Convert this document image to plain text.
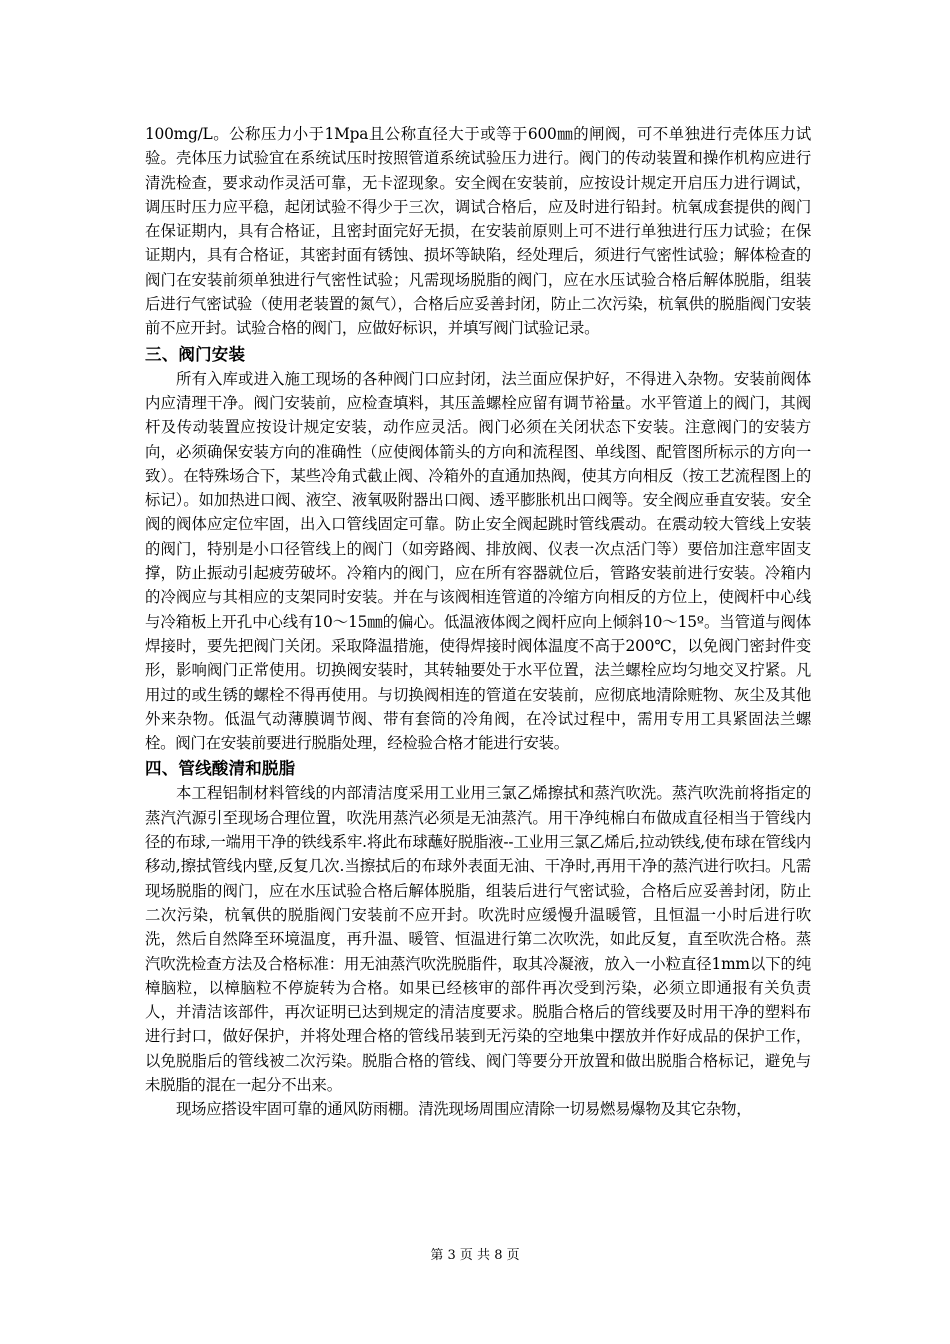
100mg/L。公称压力小于1Mpa且公称直径大于或等于600㎜的闸阀，可不单独进行壳体压力试验。壳体压力试验宜在系统试压时按照管道系统试验压力进行。阀门的传动装置和操作机构应进行清洗检查，要求动作灵活可靠，无卡涩现象。安全阀在安装前，应按设计规定开启压力进行调试，调压时压力应平稳，起闭试验不得少于三次，调试合格后，应及时进行铅封。杭氧成套提供的阀门在保证期内，具有合格证，且密封面完好无损，在安装前原则上可不进行单独进行压力试验；在保证期内，具有合格证，其密封面有锈蚀、损坏等缺陷，经处理后，须进行气密性试验；解体检查的阀门在安装前须单独进行气密性试验；凡需现场脱脂的阀门，应在水压试验合格后解体脱脂，组装后进行气密试验（使用老装置的氮气），合格后应妥善封闭，防止二次污染，杭氧供的脱脂阀门安装前不应开封。试验合格的阀门，应做好标识，并填写阀门试验记录。

三、阀门安装

所有入库或进入施工现场的各种阀门口应封闭，法兰面应保护好，不得进入杂物。安装前阀体内应清理干净。阀门安装前，应检查填料，其压盖螺栓应留有调节裕量。水平管道上的阀门，其阀杆及传动装置应按设计规定安装，动作应灵活。阀门必须在关闭状态下安装。注意阀门的安装方向，必须确保安装方向的准确性（应使阀体箭头的方向和流程图、单线图、配管图所标示的方向一致）。在特殊场合下，某些冷角式截止阀、冷箱外的直通加热阀，使其方向相反（按工艺流程图上的标记）。如加热进口阀、液空、液氧吸附器出口阀、透平膨胀机出口阀等。安全阀应垂直安装。安全阀的阀体应定位牢固，出入口管线固定可靠。防止安全阀起跳时管线震动。在震动较大管线上安装的阀门，特别是小口径管线上的阀门（如旁路阀、排放阀、仪表一次点活门等）要倍加注意牢固支撑，防止振动引起疲劳破坏。冷箱内的阀门，应在所有容器就位后，管路安装前进行安装。冷箱内的冷阀应与其相应的支架同时安装。并在与该阀相连管道的冷缩方向相反的方位上，使阀杆中心线与冷箱板上开孔中心线有10～15㎜的偏心。低温液体阀之阀杆应向上倾斜10～15º。当管道与阀体焊接时，要先把阀门关闭。采取降温措施，使得焊接时阀体温度不高于200℃，以免阀门密封件变形，影响阀门正常使用。切换阀安装时，其转轴要处于水平位置，法兰螺栓应均匀地交叉拧紧。凡用过的或生锈的螺栓不得再使用。与切换阀相连的管道在安装前，应彻底地清除赃物、灰尘及其他外来杂物。低温气动薄膜调节阀、带有套筒的冷角阀，在冷试过程中，需用专用工具紧固法兰螺栓。阀门在安装前要进行脱脂处理，经检验合格才能进行安装。

四、管线酸清和脱脂

本工程铝制材料管线的内部清洁度采用工业用三氯乙烯擦拭和蒸汽吹洗。蒸汽吹洗前将指定的蒸汽汽源引至现场合理位置，吹洗用蒸汽必须是无油蒸汽。用干净纯棉白布做成直径相当于管线内径的布球,一端用干净的铁线系牢.将此布球蘸好脱脂液--工业用三氯乙烯后,拉动铁线,使布球在管线内移动,擦拭管线内壁,反复几次.当擦拭后的布球外表面无油、干净时,再用干净的蒸汽进行吹扫。凡需现场脱脂的阀门，应在水压试验合格后解体脱脂，组装后进行气密试验，合格后应妥善封闭，防止二次污染，杭氧供的脱脂阀门安装前不应开封。吹洗时应缓慢升温暖管，且恒温一小时后进行吹洗，然后自然降至环境温度，再升温、暖管、恒温进行第二次吹洗，如此反复，直至吹洗合格。蒸汽吹洗检查方法及合格标准：用无油蒸汽吹洗脱脂件，取其冷凝液，放入一小粒直径1mm以下的纯樟脑粒，以樟脑粒不停旋转为合格。如果已经核审的部件再次受到污染，必须立即通报有关负责人，并清洁该部件，再次证明已达到规定的清洁度要求。脱脂合格后的管线要及时用干净的塑料布进行封口，做好保护，并将处理合格的管线吊装到无污染的空地集中摆放并作好成品的保护工作，以免脱脂后的管线被二次污染。脱脂合格的管线、阀门等要分开放置和做出脱脂合格标记，避免与未脱脂的混在一起分不出来。

现场应搭设牢固可靠的通风防雨棚。清洗现场周围应清除一切易燃易爆物及其它杂物，

第 3 页 共 8 页
